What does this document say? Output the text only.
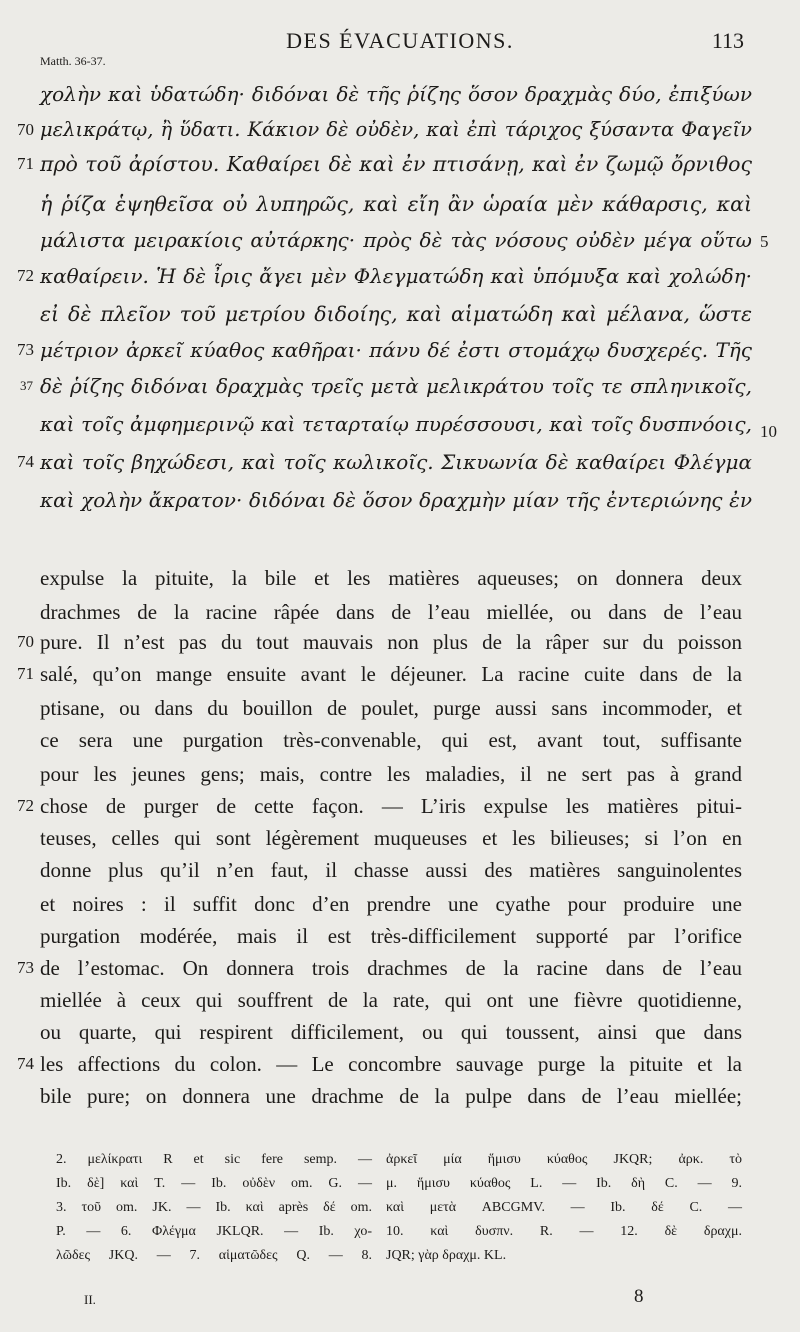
DES ÉVACUATIONS.	113
Matth. 36-37.
χολὴν καὶ ὑδατώδη· διδόναι δὲ τῆς ῥίζης ὅσον δραχμὰς δύο, ἐπιξύων
μελικράτῳ, ἢ ὕδατι. Κάκιον δὲ οὐδὲν, καὶ ἐπὶ τάριχος ξύσαντα Φαγεῖν
πρὸ τοῦ ἀρίστου. Καθαίρει δὲ καὶ ἐν πτισάνῃ, καὶ ἐν ζωμῷ ὄρνιθος
ἡ ῥίζα ἑψηθεῖσα οὐ λυπηρῶς, καὶ εἴη ἂν ὡραία μὲν κάθαρσις, καὶ
μάλιστα μειρακίοις αὐτάρκης· πρὸς δὲ τὰς νόσους οὐδὲν μέγα οὕτω
καθαίρειν. Ἡ δὲ ἶρις ἄγει μὲν Φλεγματώδη καὶ ὑπόμυξα καὶ χολώδη·
εἰ δὲ πλεῖον τοῦ μετρίου διδοίης, καὶ αἱματώδη καὶ μέλανα, ὥστε
μέτριον ἀρκεῖ κύαθος καθῆραι· πάνυ δέ ἐστι στομάχῳ δυσχερές. Τῆς
δὲ ῥίζης διδόναι δραχμὰς τρεῖς μετὰ μελικράτου τοῖς τε σπληνικοῖς,
καὶ τοῖς ἀμφημερινῷ καὶ τεταρταίῳ πυρέσσουσι, καὶ τοῖς δυσπνόοις,
καὶ τοῖς βηχώδεσι, καὶ τοῖς κωλικοῖς. Σικυωνία δὲ καθαίρει Φλέγμα
καὶ χολὴν ἄκρατον· διδόναι δὲ ὅσον δραχμὴν μίαν τῆς ἐντεριώνης ἐν
70
71
72
73
37
74
5
10
expulse la pituite, la bile et les matières aqueuses; on donnera deux
drachmes de la racine râpée dans de l’eau miellée, ou dans de l’eau
pure. Il n’est pas du tout mauvais non plus de la râper sur du poisson
salé, qu’on mange ensuite avant le déjeuner. La racine cuite dans de la
ptisane, ou dans du bouillon de poulet, purge aussi sans incommoder, et
ce sera une purgation très-convenable, qui est, avant tout, suffisante
pour les jeunes gens; mais, contre les maladies, il ne sert pas à grand
chose de purger de cette façon. — L’iris expulse les matières pitui-
teuses, celles qui sont légèrement muqueuses et les bilieuses; si l’on en
donne plus qu’il n’en faut, il chasse aussi des matières sanguinolentes
et noires : il suffit donc d’en prendre une cyathe pour produire une
purgation modérée, mais il est très-difficilement supporté par l’orifice
de l’estomac. On donnera trois drachmes de la racine dans de l’eau
miellée à ceux qui souffrent de la rate, qui ont une fièvre quotidienne,
ou quarte, qui respirent difficilement, ou qui toussent, ainsi que dans
les affections du colon. — Le concombre sauvage purge la pituite et la
bile pure; on donnera une drachme de la pulpe dans de l’eau miellée;
70
71
72
73
74
2. μελίκρατι R et sic fere semp. —
Ib. δὲ] καὶ T. — Ib. οὐδὲν om. G. —
3. τοῦ om. JK. — Ib. καὶ après δέ om.
P. — 6. Φλέγμα JKLQR. — Ib. χο-
λῶδες JKQ. — 7. αἱματῶδες Q. — 8.
ἀρκεῖ μία ἥμισυ κύαθος JKQR; ἀρκ. τὸ
μ. ἥμισυ κύαθος L. — Ib. δὴ C. — 9.
καὶ μετὰ ABCGMV. — Ib. δέ C. —
10. καὶ δυσπν. R. — 12. δὲ δραχμ.
JQR; γὰρ δραχμ. KL.
II.	8
